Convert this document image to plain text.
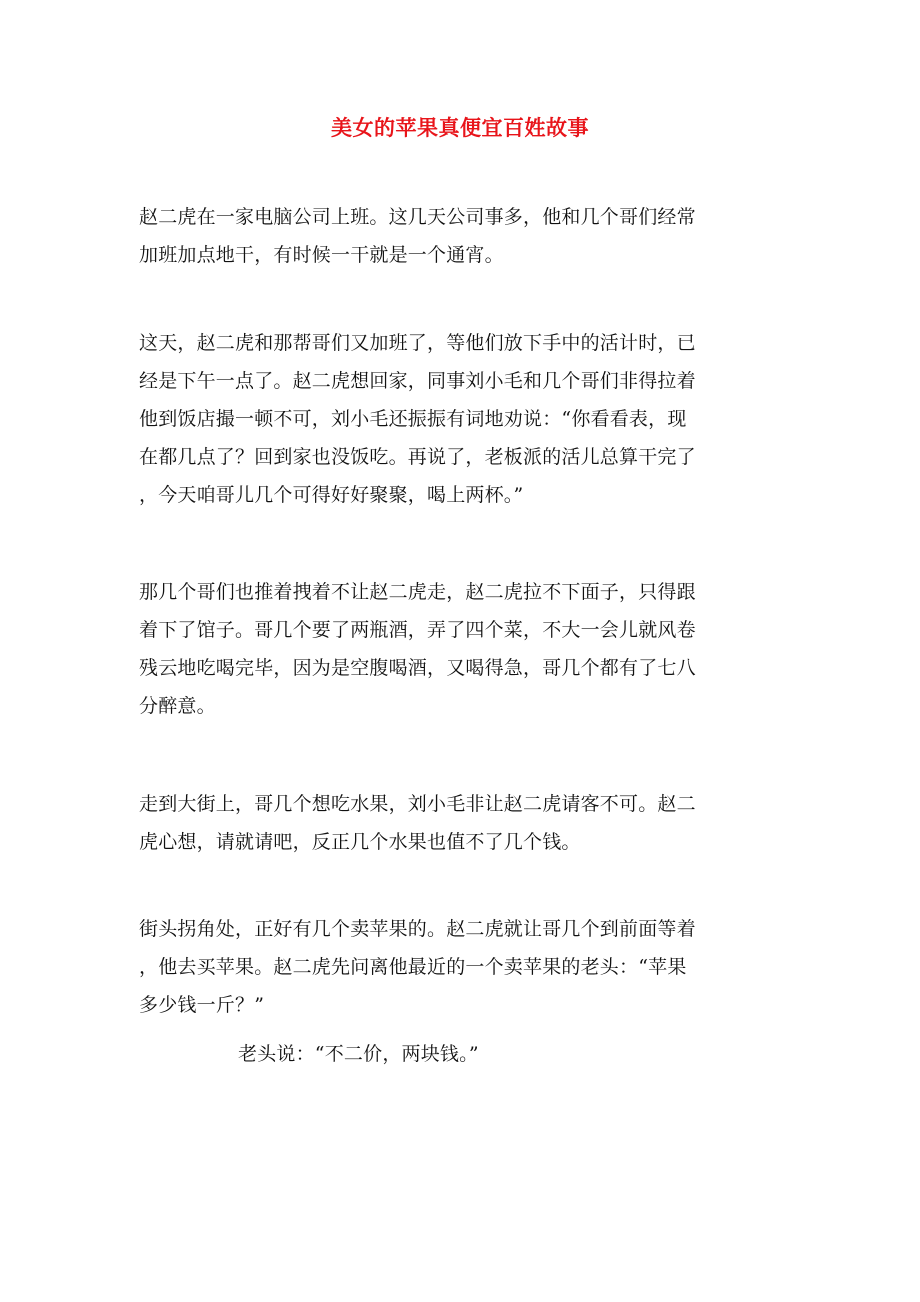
美女的苹果真便宜百姓故事
赵二虎在一家电脑公司上班。这几天公司事多，他和几个哥们经常
加班加点地干，有时候一干就是一个通宵。
这天，赵二虎和那帮哥们又加班了，等他们放下手中的活计时，已
经是下午一点了。赵二虎想回家，同事刘小毛和几个哥们非得拉着
他到饭店撮一顿不可，刘小毛还振振有词地劝说：“你看看表，现
在都几点了？回到家也没饭吃。再说了，老板派的活儿总算干完了
，今天咱哥儿几个可得好好聚聚，喝上两杯。”
那几个哥们也推着拽着不让赵二虎走，赵二虎拉不下面子，只得跟
着下了馆子。哥几个要了两瓶酒，弄了四个菜，不大一会儿就风卷
残云地吃喝完毕，因为是空腹喝酒，又喝得急，哥几个都有了七八
分醉意。
走到大街上，哥几个想吃水果，刘小毛非让赵二虎请客不可。赵二
虎心想，请就请吧，反正几个水果也值不了几个钱。
街头拐角处，正好有几个卖苹果的。赵二虎就让哥几个到前面等着
，他去买苹果。赵二虎先问离他最近的一个卖苹果的老头：“苹果
多少钱一斤？”
老头说：“不二价，两块钱。”
